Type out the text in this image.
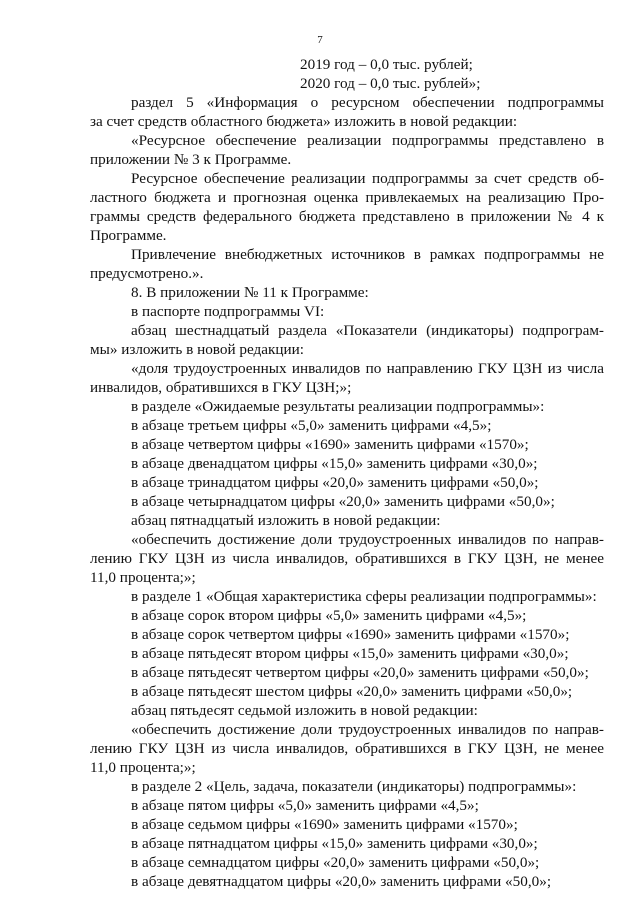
7
2019 год – 0,0 тыс. рублей;
2020 год – 0,0 тыс. рублей»;
раздел 5 «Информация о ресурсном обеспечении подпрограммы
за счет средств областного бюджета» изложить в новой редакции:
«Ресурсное обеспечение реализации подпрограммы представлено в
приложении № 3 к Программе.
Ресурсное обеспечение реализации подпрограммы за счет средств об-
ластного бюджета и прогнозная оценка привлекаемых на реализацию Про-
граммы средств федерального бюджета представлено в приложении № 4 к
Программе.
Привлечение внебюджетных источников в рамках подпрограммы не
предусмотрено.».
8. В приложении № 11 к Программе:
в паспорте подпрограммы VI:
абзац шестнадцатый раздела «Показатели (индикаторы) подпрограм-
мы» изложить в новой редакции:
«доля трудоустроенных инвалидов по направлению ГКУ ЦЗН из числа
инвалидов, обратившихся в ГКУ ЦЗН;»;
в разделе «Ожидаемые результаты реализации подпрограммы»:
в абзаце третьем цифры «5,0» заменить цифрами «4,5»;
в абзаце четвертом цифры «1690» заменить цифрами «1570»;
в абзаце двенадцатом цифры «15,0» заменить цифрами «30,0»;
в абзаце тринадцатом цифры «20,0» заменить цифрами «50,0»;
в абзаце четырнадцатом цифры «20,0» заменить цифрами «50,0»;
абзац пятнадцатый изложить в новой редакции:
«обеспечить достижение доли трудоустроенных инвалидов по направ-
лению ГКУ ЦЗН из числа инвалидов, обратившихся в ГКУ ЦЗН, не менее
11,0 процента;»;
в разделе 1 «Общая характеристика сферы реализации подпрограммы»:
в абзаце сорок втором цифры «5,0» заменить цифрами «4,5»;
в абзаце сорок четвертом цифры «1690» заменить цифрами «1570»;
в абзаце пятьдесят втором цифры «15,0» заменить цифрами «30,0»;
в абзаце пятьдесят четвертом цифры «20,0» заменить цифрами «50,0»;
в абзаце пятьдесят шестом цифры «20,0» заменить цифрами «50,0»;
абзац пятьдесят седьмой изложить в новой редакции:
«обеспечить достижение доли трудоустроенных инвалидов по направ-
лению ГКУ ЦЗН из числа инвалидов, обратившихся в ГКУ ЦЗН, не менее
11,0 процента;»;
в разделе 2 «Цель, задача, показатели (индикаторы) подпрограммы»:
в абзаце пятом цифры «5,0» заменить цифрами «4,5»;
в абзаце седьмом цифры «1690» заменить цифрами «1570»;
в абзаце пятнадцатом цифры «15,0» заменить цифрами «30,0»;
в абзаце семнадцатом цифры «20,0» заменить цифрами «50,0»;
в абзаце девятнадцатом цифры «20,0» заменить цифрами «50,0»;
